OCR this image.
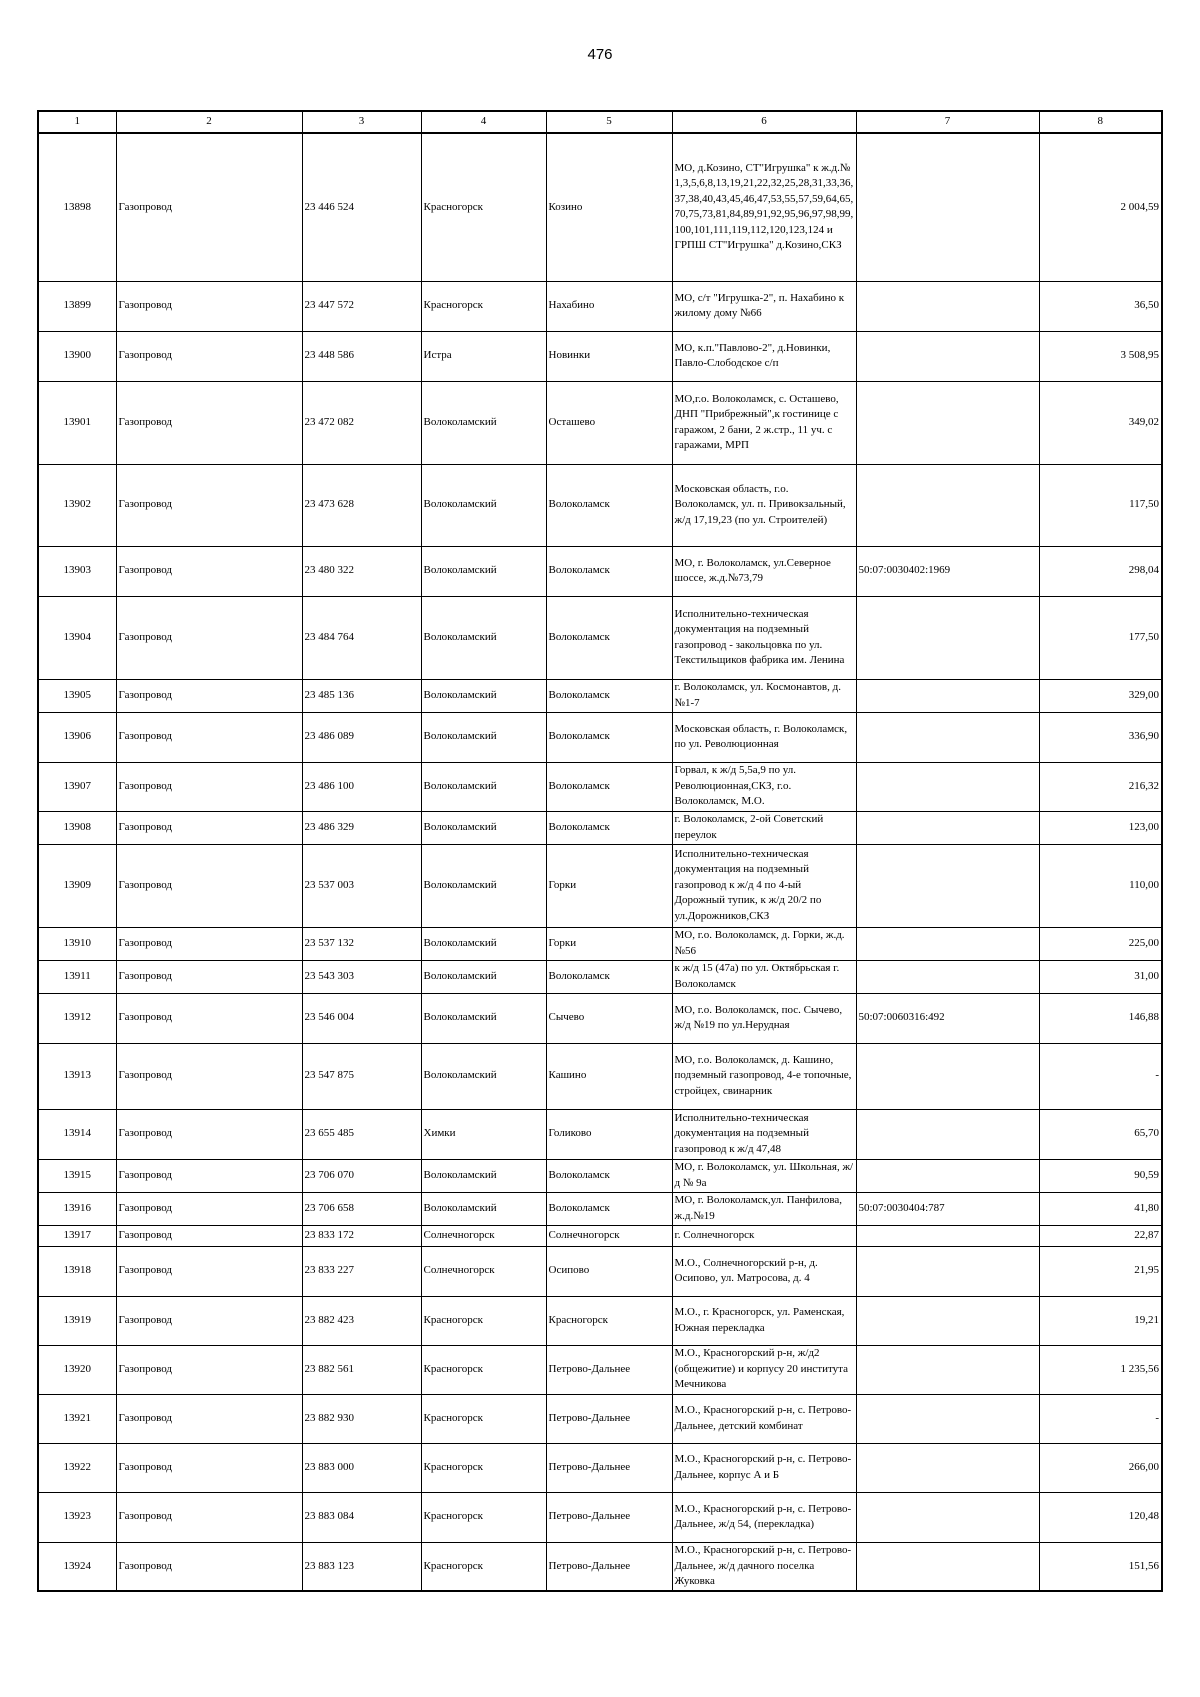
476
1	2	3	4	5	6	7	8
13898	Газопровод	23 446 524	Красногорск	Козино	МО, д.Козино, СТ"Игрушка" к ж.д.№ 1,3,5,6,8,13,19,21,22,32,25,28,31,33,36,37,38,40,43,45,46,47,53,55,57,59,64,65,70,75,73,81,84,89,91,92,95,96,97,98,99,100,101,111,119,112,120,123,124 и ГРПШ СТ"Игрушка" д.Козино,СКЗ		2 004,59
13899	Газопровод	23 447 572	Красногорск	Нахабино	МО, с/т "Игрушка-2", п. Нахабино к жилому дому №66		36,50
13900	Газопровод	23 448 586	Истра	Новинки	МО, к.п."Павлово-2", д.Новинки, Павло-Слободское с/п		3 508,95
13901	Газопровод	23 472 082	Волоколамский	Осташево	МО,г.о. Волоколамск, с. Осташево, ДНП "Прибрежный",к гостинице с гаражом, 2 бани, 2 ж.стр., 11 уч. с гаражами, МРП		349,02
13902	Газопровод	23 473 628	Волоколамский	Волоколамск	Московская область, г.о. Волоколамск, ул. п. Привокзальный, ж/д 17,19,23 (по ул. Строителей)		117,50
13903	Газопровод	23 480 322	Волоколамский	Волоколамск	МО, г. Волоколамск, ул.Северное шоссе, ж.д.№73,79	50:07:0030402:1969	298,04
13904	Газопровод	23 484 764	Волоколамский	Волоколамск	Исполнительно-техническая документация на подземный газопровод - закольцовка по ул. Текстильщиков фабрика им. Ленина		177,50
13905	Газопровод	23 485 136	Волоколамский	Волоколамск	г. Волоколамск, ул. Космонавтов, д. №1-7		329,00
13906	Газопровод	23 486 089	Волоколамский	Волоколамск	Московская область, г. Волоколамск, по ул. Революционная		336,90
13907	Газопровод	23 486 100	Волоколамский	Волоколамск	Горвал, к ж/д 5,5а,9 по ул. Революционная,СКЗ, г.о. Волоколамск, М.О.		216,32
13908	Газопровод	23 486 329	Волоколамский	Волоколамск	г. Волоколамск, 2-ой Советский переулок		123,00
13909	Газопровод	23 537 003	Волоколамский	Горки	Исполнительно-техническая документация на подземный газопровод к ж/д 4 по 4-ый Дорожный тупик, к ж/д 20/2 по ул.Дорожников,СКЗ		110,00
13910	Газопровод	23 537 132	Волоколамский	Горки	МО, г.о. Волоколамск, д. Горки, ж.д.№56		225,00
13911	Газопровод	23 543 303	Волоколамский	Волоколамск	к ж/д 15 (47а) по ул. Октябрьская г. Волоколамск		31,00
13912	Газопровод	23 546 004	Волоколамский	Сычево	МО, г.о. Волоколамск, пос. Сычево, ж/д №19 по ул.Нерудная	50:07:0060316:492	146,88
13913	Газопровод	23 547 875	Волоколамский	Кашино	МО, г.о. Волоколамск, д. Кашино, подземный газопровод, 4-е топочные, стройцех, свинарник		-
13914	Газопровод	23 655 485	Химки	Голиково	Исполнительно-техническая документация на подземный газопровод к ж/д 47,48		65,70
13915	Газопровод	23 706 070	Волоколамский	Волоколамск	МО, г. Волоколамск, ул. Школьная, ж/д № 9а		90,59
13916	Газопровод	23 706 658	Волоколамский	Волоколамск	МО, г. Волоколамск,ул. Панфилова, ж.д.№19	50:07:0030404:787	41,80
13917	Газопровод	23 833 172	Солнечногорск	Солнечногорск	г. Солнечногорск		22,87
13918	Газопровод	23 833 227	Солнечногорск	Осипово	М.О., Солнечногорский р-н, д. Осипово, ул. Матросова, д. 4		21,95
13919	Газопровод	23 882 423	Красногорск	Красногорск	М.О., г. Красногорск, ул. Раменская, Южная перекладка		19,21
13920	Газопровод	23 882 561	Красногорск	Петрово-Дальнее	М.О., Красногорский р-н, ж/д2 (общежитие) и корпусу 20 института Мечникова		1 235,56
13921	Газопровод	23 882 930	Красногорск	Петрово-Дальнее	М.О., Красногорский р-н, с. Петрово-Дальнее, детский комбинат		-
13922	Газопровод	23 883 000	Красногорск	Петрово-Дальнее	М.О., Красногорский р-н, с. Петрово-Дальнее, корпус А и Б		266,00
13923	Газопровод	23 883 084	Красногорск	Петрово-Дальнее	М.О., Красногорский р-н, с. Петрово-Дальнее, ж/д 54, (перекладка)		120,48
13924	Газопровод	23 883 123	Красногорск	Петрово-Дальнее	М.О., Красногорский р-н, с. Петрово-Дальнее, ж/д дачного поселка Жуковка		151,56
